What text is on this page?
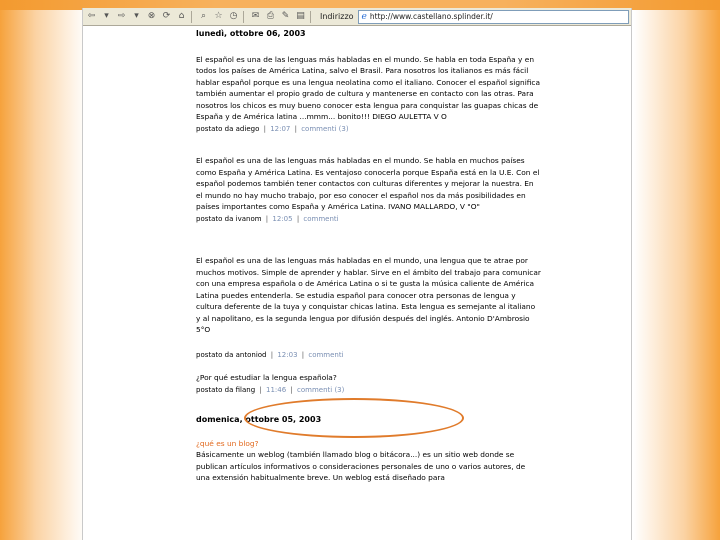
⇦ ▾ ⇨ ▾ ⊗ ⟳ ⌂	⌕ ☆ ◷	✉ ⎙ ✎ ▤ Indirizzo ℯ http://www.castellano.splinder.it/
lunedì, ottobre 06, 2003

El español es una de las lenguas más habladas en el mundo. Se habla en toda España y en todos los países de América Latina, salvo el Brasil. Para nosotros los italianos es más fácil hablar español porque es una lengua neolatina como el italiano. Conocer el español significa también aumentar el propio grado de cultura y mantenerse en contacto con las otras. Para nosotros los chicos es muy bueno conocer esta lengua para conquistar las guapas chicas de España y de América latina ...mmm... bonito!!! DIEGO AULETTA V O

postato da adiego | 12:07 | commenti (3)

El español es una de las lenguas más habladas en el mundo. Se habla en muchos países como España y América Latina. Es ventajoso conocerla porque España está en la U.E. Con el español podemos también tener contactos con culturas diferentes y mejorar la nuestra. En el mundo no hay mucho trabajo, por eso conocer el español nos da más posibilidades en países importantes como España y América Latina. IVANO MALLARDO, V "O"

postato da ivanom | 12:05 | commenti

El español es una de las lenguas más habladas en el mundo, una lengua que te atrae por muchos motivos. Simple de aprender y hablar. Sirve en el ámbito del trabajo para comunicar con una empresa española o de América Latina o si te gusta la música caliente de América Latina puedes entenderla. Se estudia español para conocer otra personas de lengua y cultura deferente de la tuya y conquistar chicas latina. Esta lengua es semejante al italiano y al napolitano, es la segunda lengua por difusión después del inglés. Antonio D'Ambrosio 5°O

postato da antoniod | 12:03 | commenti

¿Por qué estudiar la lengua española?

postato da filang | 11:46 | commenti (3)
domenica, ottobre 05, 2003

¿qué es un blog?

Básicamente un weblog (también llamado blog o bitácora...) es un sitio web donde se publican artículos informativos o consideraciones personales de uno o varios autores, de una extensión habitualmente breve. Un weblog está diseñado para
